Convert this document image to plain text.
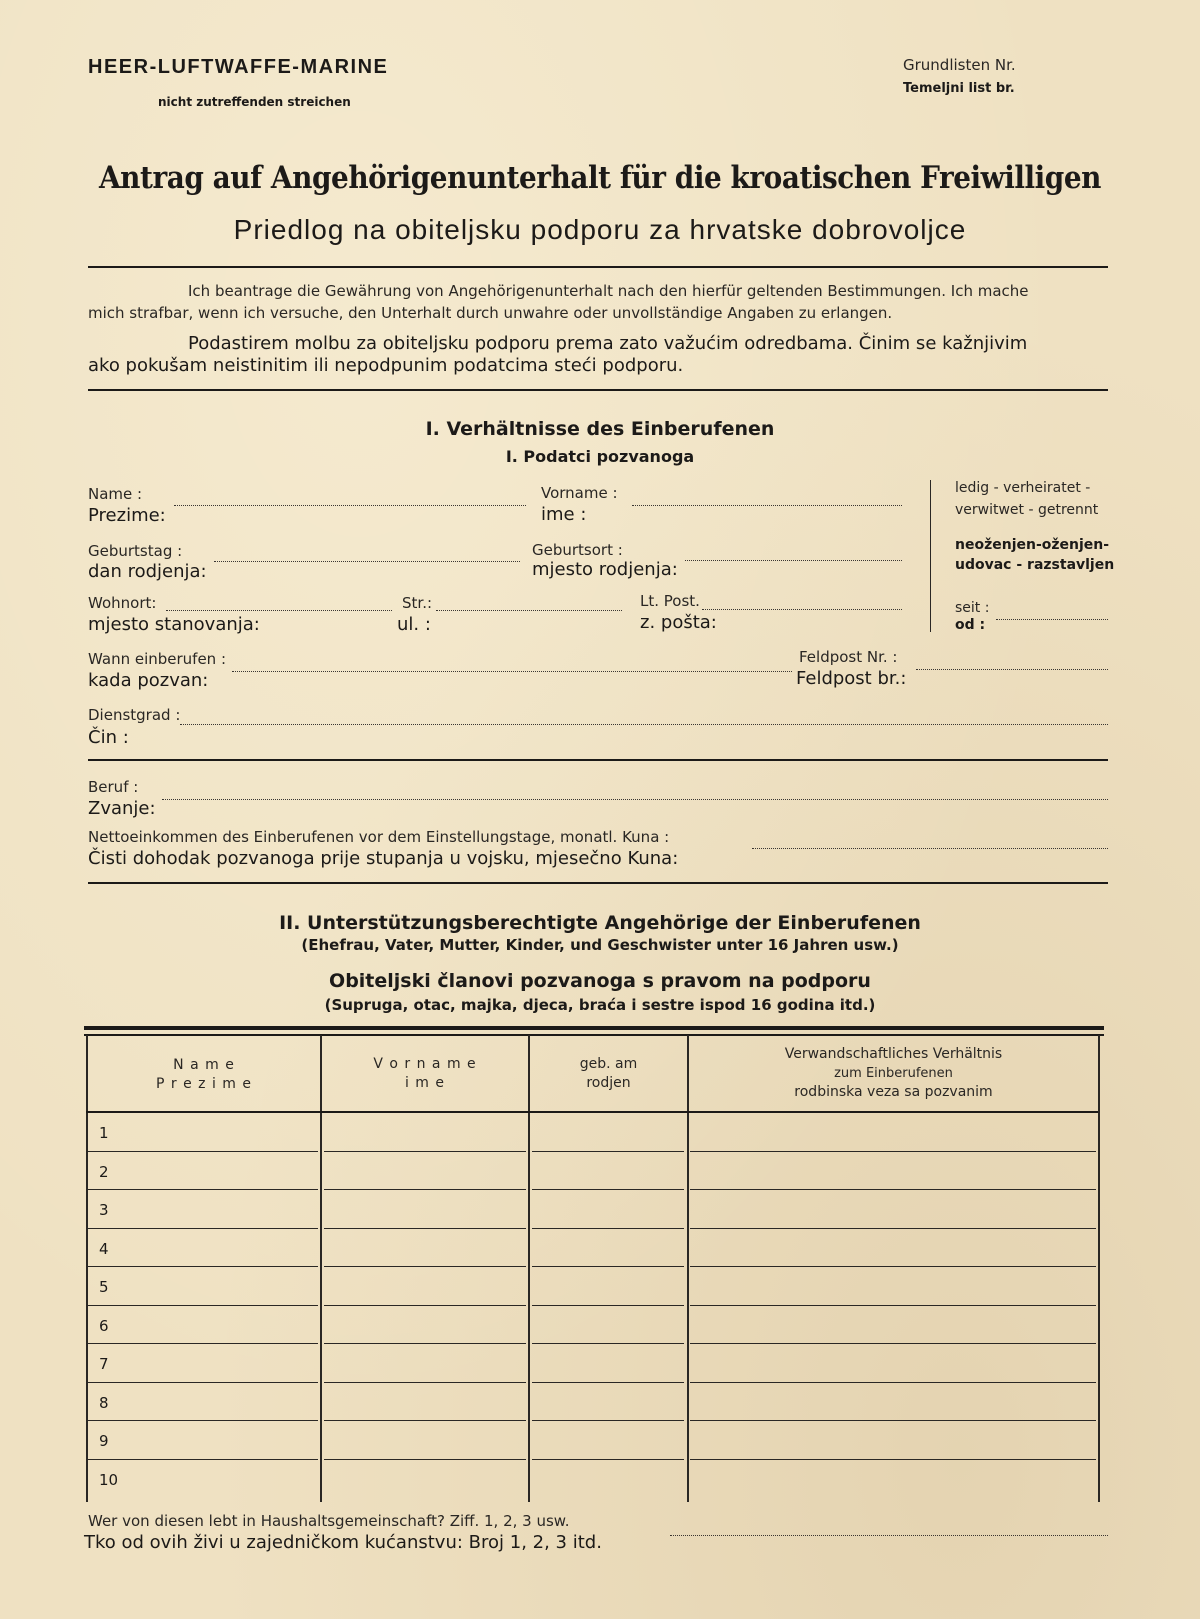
HEER-LUFTWAFFE-MARINE
nicht zutreffenden streichen
Grundlisten Nr.
Temeljni list br.
Antrag auf Angehörigenunterhalt für die kroatischen Freiwilligen
Priedlog na obiteljsku podporu za hrvatske dobrovoljce
Ich beantrage die Gewährung von Angehörigenunterhalt nach den hierfür geltenden Bestimmungen. Ich mache
mich strafbar, wenn ich versuche, den Unterhalt durch unwahre oder unvollständige Angaben zu erlangen.
Podastirem molbu za obiteljsku podporu prema zato važućim odredbama. Činim se kažnjivim
ako pokušam neistinitim ili nepodpunim podatcima steći podporu.
I. Verhältnisse des Einberufenen
I. Podatci pozvanoga
Name :
Prezime:
Vorname :
ime :
ledig - verheiratet -
verwitwet - getrennt
neoženjen-oženjen-
udovac - razstavljen
Geburtstag :
dan rodjenja:
Geburtsort :
mjesto rodjenja:
Wohnort:
mjesto stanovanja:
Str.:
ul. :
Lt. Post.
z. pošta:
seit :
od :
Wann einberufen :
kada pozvan:
Feldpost Nr. :
Feldpost br.:
Dienstgrad :
Čin :
Beruf :
Zvanje:
Nettoeinkommen des Einberufenen vor dem Einstellungstage, monatl. Kuna :
Čisti dohodak pozvanoga prije stupanja u vojsku, mjesečno Kuna:
II. Unterstützungsberechtigte Angehörige der Einberufenen
(Ehefrau, Vater, Mutter, Kinder, und Geschwister unter 16 Jahren usw.)
Obiteljski članovi pozvanoga s pravom na podporu
(Supruga, otac, majka, djeca, braća i sestre ispod 16 godina itd.)
N a m e
P r e z i m e
V o r n a m e
i m e
geb. am
rodjen
Verwandschaftliches Verhältnis
zum Einberufenen
rodbinska veza sa pozvanim
1
2
3
4
5
6
7
8
9
10
Wer von diesen lebt in Haushaltsgemeinschaft? Ziff. 1, 2, 3 usw.
Tko od ovih živi u zajedničkom kućanstvu: Broj 1, 2, 3 itd.
